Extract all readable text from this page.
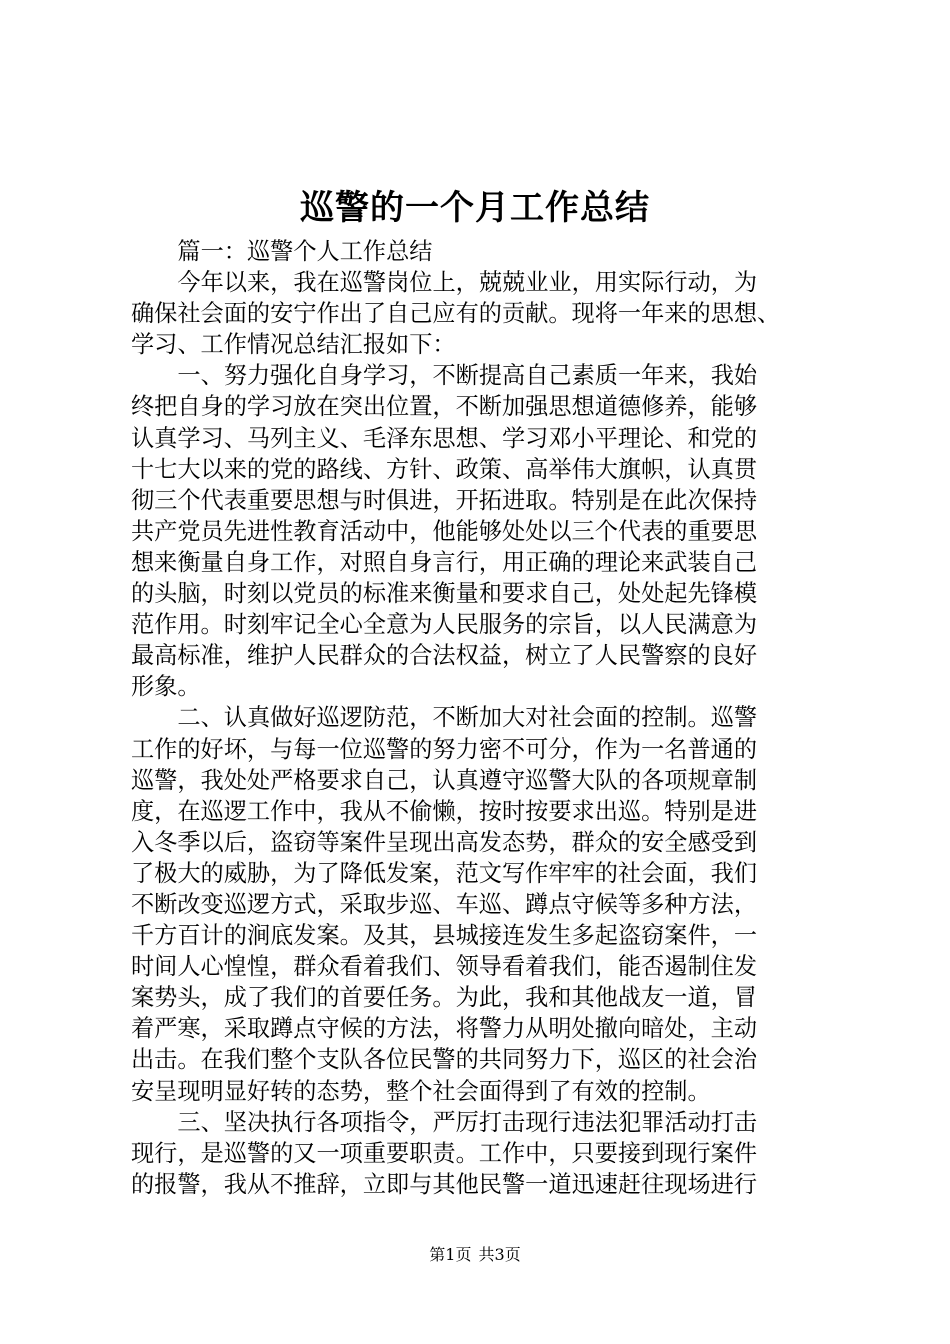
巡警的一个月工作总结

篇一：巡警个人工作总结

今年以来，我在巡警岗位上，兢兢业业，用实际行动，为
确保社会面的安宁作出了自己应有的贡献。现将一年来的思想、
学习、工作情况总结汇报如下：

一、努力强化自身学习，不断提高自己素质一年来，我始
终把自身的学习放在突出位置，不断加强思想道德修养，能够
认真学习、马列主义、毛泽东思想、学习邓小平理论、和党的
十七大以来的党的路线、方针、政策、高举伟大旗帜，认真贯
彻三个代表重要思想与时俱进，开拓进取。特别是在此次保持
共产党员先进性教育活动中，他能够处处以三个代表的重要思
想来衡量自身工作，对照自身言行，用正确的理论来武装自己
的头脑，时刻以党员的标准来衡量和要求自己，处处起先锋模
范作用。时刻牢记全心全意为人民服务的宗旨，以人民满意为
最高标准，维护人民群众的合法权益，树立了人民警察的良好
形象。

二、认真做好巡逻防范，不断加大对社会面的控制。巡警
工作的好坏，与每一位巡警的努力密不可分，作为一名普通的
巡警，我处处严格要求自己，认真遵守巡警大队的各项规章制
度，在巡逻工作中，我从不偷懒，按时按要求出巡。特别是进
入冬季以后，盗窃等案件呈现出高发态势，群众的安全感受到
了极大的威胁，为了降低发案，范文写作牢牢的社会面，我们
不断改变巡逻方式，采取步巡、车巡、蹲点守候等多种方法，
千方百计的涧底发案。及其，县城接连发生多起盗窃案件，一
时间人心惶惶，群众看着我们、领导看着我们，能否遏制住发
案势头，成了我们的首要任务。为此，我和其他战友一道，冒
着严寒，采取蹲点守候的方法，将警力从明处撤向暗处，主动
出击。在我们整个支队各位民警的共同努力下，巡区的社会治
安呈现明显好转的态势，整个社会面得到了有效的控制。

三、坚决执行各项指令，严厉打击现行违法犯罪活动打击
现行，是巡警的又一项重要职责。工作中，只要接到现行案件
的报警，我从不推辞，立即与其他民警一道迅速赶往现场进行

第1页 共3页
